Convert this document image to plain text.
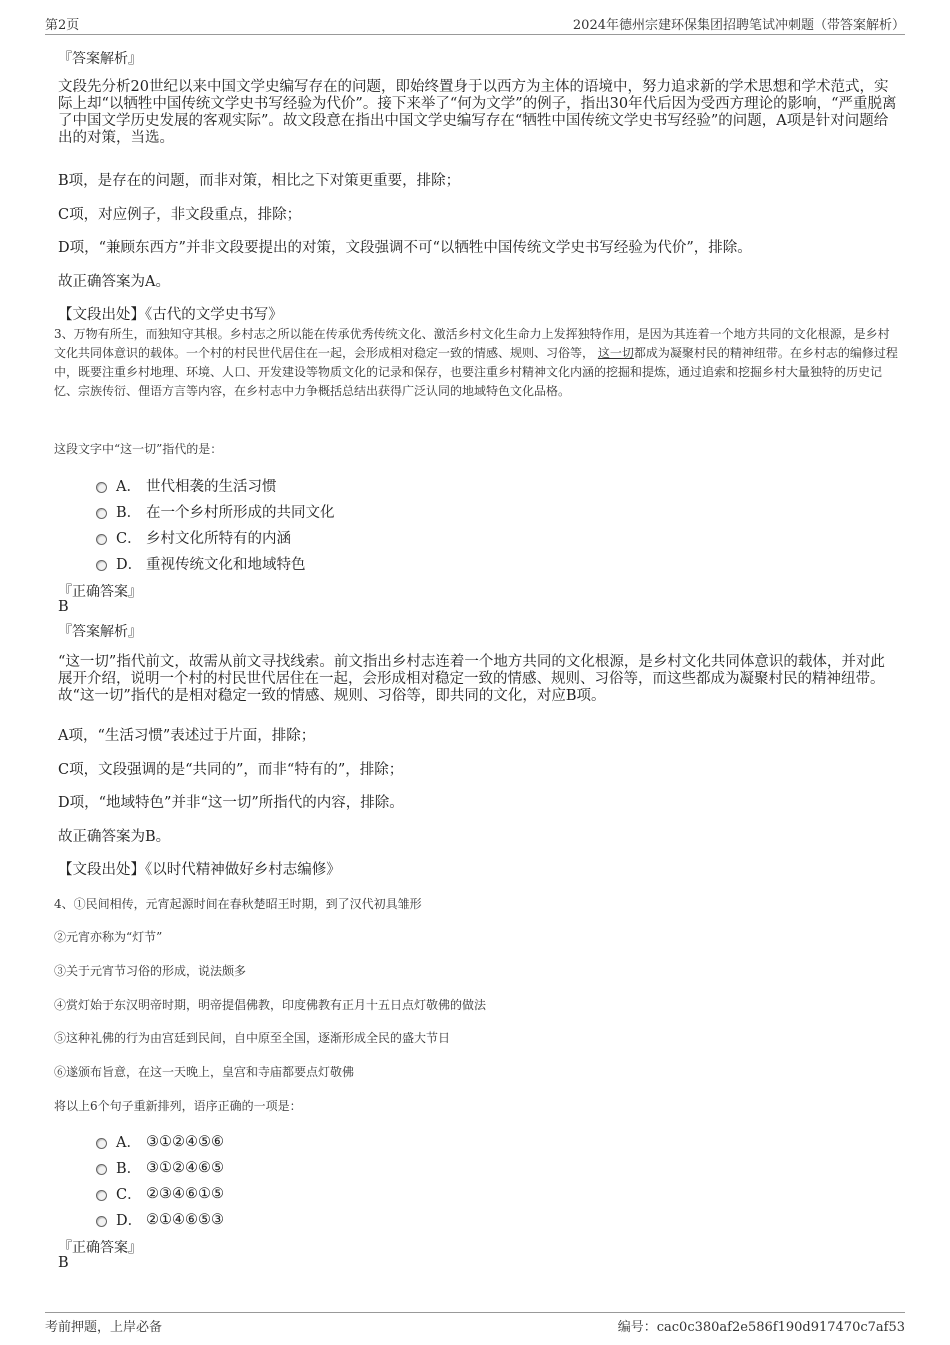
第2页	2024年德州宗建环保集团招聘笔试冲刺题（带答案解析）
『答案解析』
文段先分析20世纪以来中国文学史编写存在的问题，即始终置身于以西方为主体的语境中，努力追求新的学术思想和学术范式，实际上却“以牺牲中国传统文学史书写经验为代价”。接下来举了“何为文学”的例子，指出30年代后因为受西方理论的影响，“严重脱离了中国文学历史发展的客观实际”。故文段意在指出中国文学史编写存在“牺牲中国传统文学史书写经验”的问题，A项是针对问题给出的对策，当选。
B项，是存在的问题，而非对策，相比之下对策更重要，排除；
C项，对应例子，非文段重点，排除；
D项，“兼顾东西方”并非文段要提出的对策，文段强调不可“以牺牲中国传统文学史书写经验为代价”，排除。
故正确答案为A。
【文段出处】《古代的文学史书写》
3、万物有所生，而独知守其根。乡村志之所以能在传承优秀传统文化、激活乡村文化生命力上发挥独特作用，是因为其连着一个地方共同的文化根源，是乡村文化共同体意识的载体。一个村的村民世代居住在一起，会形成相对稳定一致的情感、规则、习俗等， 这一切都成为凝聚村民的精神纽带。在乡村志的编修过程中，既要注重乡村地理、环境、人口、开发建设等物质文化的记录和保存，也要注重乡村精神文化内涵的挖掘和提炼，通过追索和挖掘乡村大量独特的历史记忆、宗族传衍、俚语方言等内容，在乡村志中力争概括总结出获得广泛认同的地域特色文化品格。
这段文字中“这一切”指代的是：
A． 世代相袭的生活习惯
B． 在一个乡村所形成的共同文化
C． 乡村文化所特有的内涵
D． 重视传统文化和地域特色
『正确答案』
B
『答案解析』
“这一切”指代前文，故需从前文寻找线索。前文指出乡村志连着一个地方共同的文化根源，是乡村文化共同体意识的载体，并对此展开介绍，说明一个村的村民世代居住在一起，会形成相对稳定一致的情感、规则、习俗等，而这些都成为凝聚村民的精神纽带。故“这一切”指代的是相对稳定一致的情感、规则、习俗等，即共同的文化，对应B项。
A项，“生活习惯”表述过于片面，排除；
C项，文段强调的是“共同的”，而非“特有的”，排除；
D项，“地域特色”并非“这一切”所指代的内容，排除。
故正确答案为B。
【文段出处】《以时代精神做好乡村志编修》
4、①民间相传，元宵起源时间在春秋楚昭王时期，到了汉代初具雏形
②元宵亦称为“灯节”
③关于元宵节习俗的形成，说法颇多
④赏灯始于东汉明帝时期，明帝提倡佛教，印度佛教有正月十五日点灯敬佛的做法
⑤这种礼佛的行为由宫廷到民间，自中原至全国，逐渐形成全民的盛大节日
⑥遂颁布旨意，在这一天晚上，皇宫和寺庙都要点灯敬佛
将以上6个句子重新排列，语序正确的一项是：
A． ③①②④⑤⑥
B． ③①②④⑥⑤
C． ②③④⑥①⑤
D． ②①④⑥⑤③
『正确答案』
B
考前押题，上岸必备	编号：cac0c380af2e586f190d917470c7af53
